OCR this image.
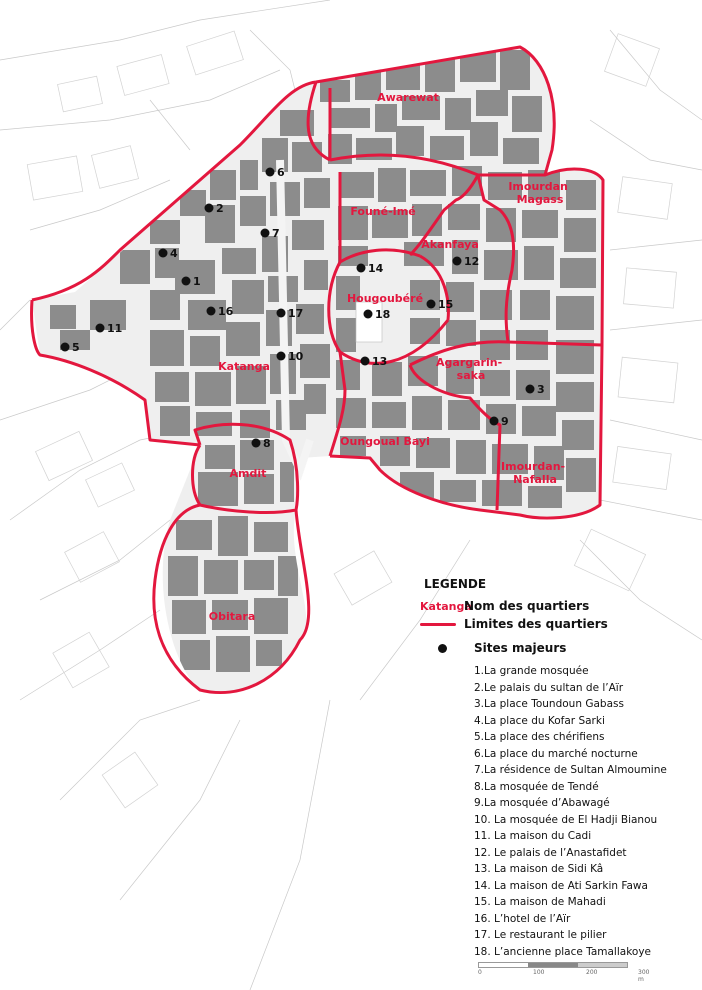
Awarewat
Founé-Imé
Imourdan Magass
Akanfaya
Hougoubéré
Katanga	Agargarin- saka
Oungoual Bayi
Imourdan- Nafalla
Amdit
Obitara
1
2
3
4
5
6
7
8
9
10
11
12
13
14
15
16	17	18
LEGENDE
Katanga
Nom des quartiers
Limites des quartiers
Sites majeurs
1.La grande mosquée
2.Le palais du sultan de l’Aïr
3.La place Toundoun Gabass
4.La place du Kofar Sarki
5.La place des chérifiens
6.La place du marché nocturne
7.La résidence de Sultan Almoumine
8.La mosquée de Tendé
9.La mosquée d’Abawagé
10. La mosquée de El Hadji Bianou
11. La maison du Cadi
12. Le palais de l’Anastafidet
13. La maison de Sidi Kâ
14. La maison de Ati Sarkin Fawa
15. La maison de Mahadi
16. L’hotel de l’Aïr
17. Le restaurant le pilier
18. L’ancienne place Tamallakoye
0	100	200	300 m
